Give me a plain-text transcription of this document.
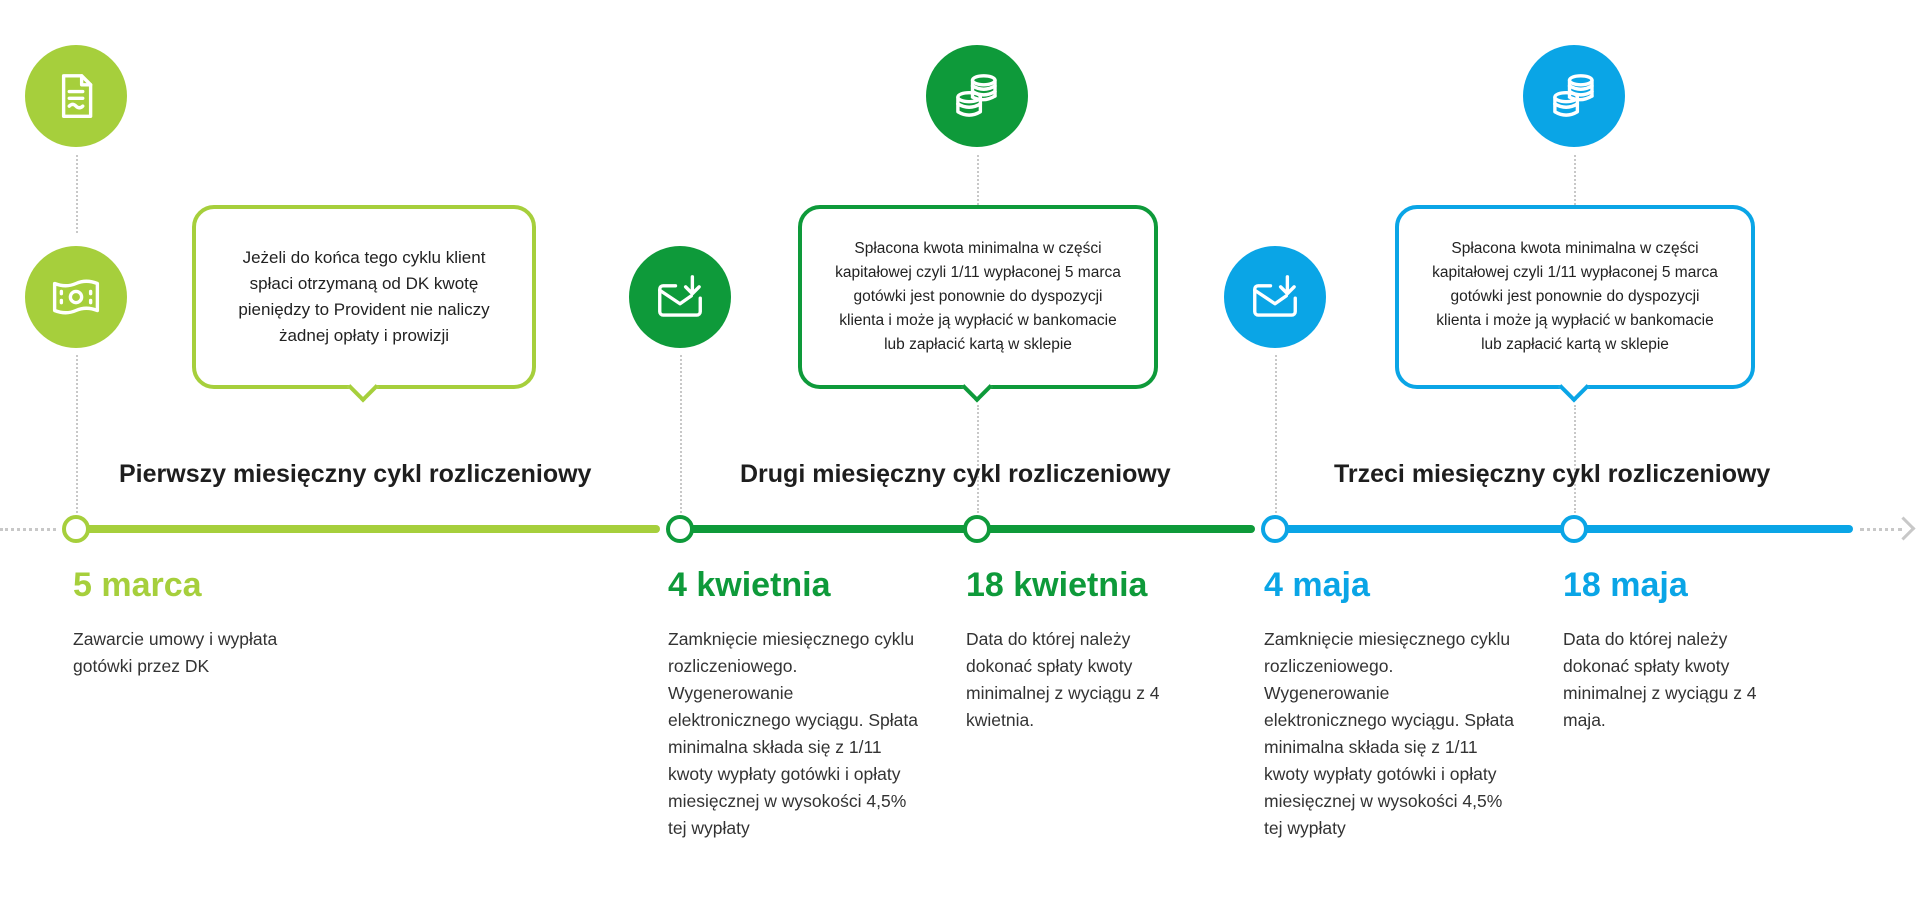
Jeżeli do końca tego cyklu klient spłaci otrzymaną od DK kwotę pieniędzy to Provident nie naliczy żadnej opłaty i prowizji
Spłacona kwota minimalna w części kapitałowej czyli 1/11 wypłaconej 5 marca gotówki jest ponownie do dyspozycji klienta i może ją wypłacić w bankomacie lub zapłacić kartą w sklepie
Spłacona kwota minimalna w części kapitałowej czyli 1/11 wypłaconej 5 marca gotówki jest ponownie do dyspozycji klienta i może ją wypłacić w bankomacie lub zapłacić kartą w sklepie
Pierwszy miesięczny cykl rozliczeniowy	Drugi miesięczny cykl rozliczeniowy	Trzeci miesięczny cykl rozliczeniowy
5 marca	4 kwietnia	18 kwietnia	4 maja	18 maja
Zawarcie umowy i wypłata gotówki przez DK
Zamknięcie miesięcznego cyklu rozliczeniowego. Wygenerowanie elektronicznego wyciągu. Spłata minimalna składa się z 1/11 kwoty wypłaty gotówki i opłaty miesięcznej w wysokości 4,5% tej wypłaty
Data do której należy dokonać spłaty kwoty minimalnej z wyciągu z 4 kwietnia.
Zamknięcie miesięcznego cyklu rozliczeniowego. Wygenerowanie elektronicznego wyciągu. Spłata minimalna składa się z 1/11 kwoty wypłaty gotówki i opłaty miesięcznej w wysokości 4,5% tej wypłaty
Data do której należy dokonać spłaty kwoty minimalnej z wyciągu z 4 maja.
